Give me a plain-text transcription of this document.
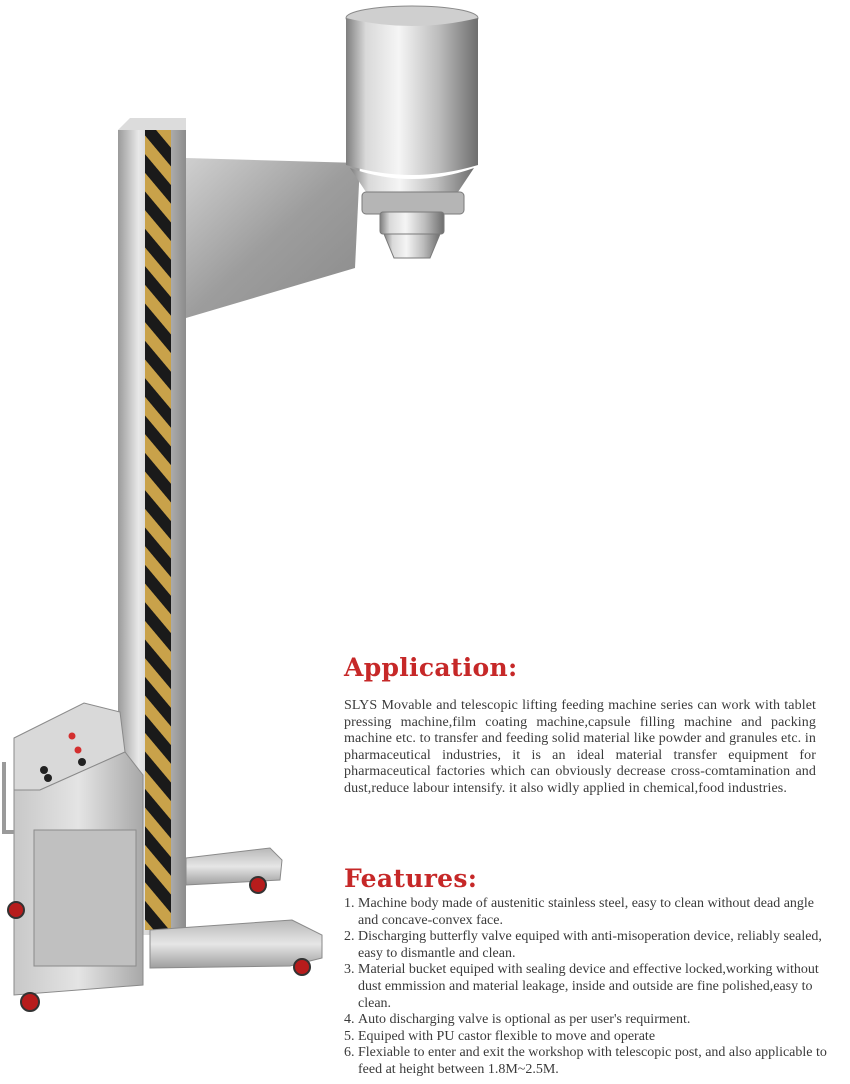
Application:

SLYS Movable and telescopic lifting feeding machine series can work with tablet pressing machine,film coating machine,capsule filling machine and packing machine etc. to transfer and feeding solid material like powder and granules etc. in pharmaceutical industries, it is an ideal material transfer equipment for pharmaceutical factories which can obviously decrease cross-comtamination and dust,reduce labour intensify. it also widly applied in chemical,food industries.

Features:
1. Machine body made of austenitic stainless steel, easy to clean without dead angle and concave-convex face.
2. Discharging butterfly valve equiped with anti-misoperation device, reliably sealed, easy to dismantle and clean.
3. Material bucket equiped with sealing device and effective locked,working without dust emmission and material leakage, inside and outside are fine polished,easy to clean.
4. Auto discharging valve is optional as per user's requirment.
5. Equiped with PU castor flexible to move and operate
6. Flexiable to enter and exit the workshop with telescopic post, and also applicable to feed at height between 1.8M~2.5M.
